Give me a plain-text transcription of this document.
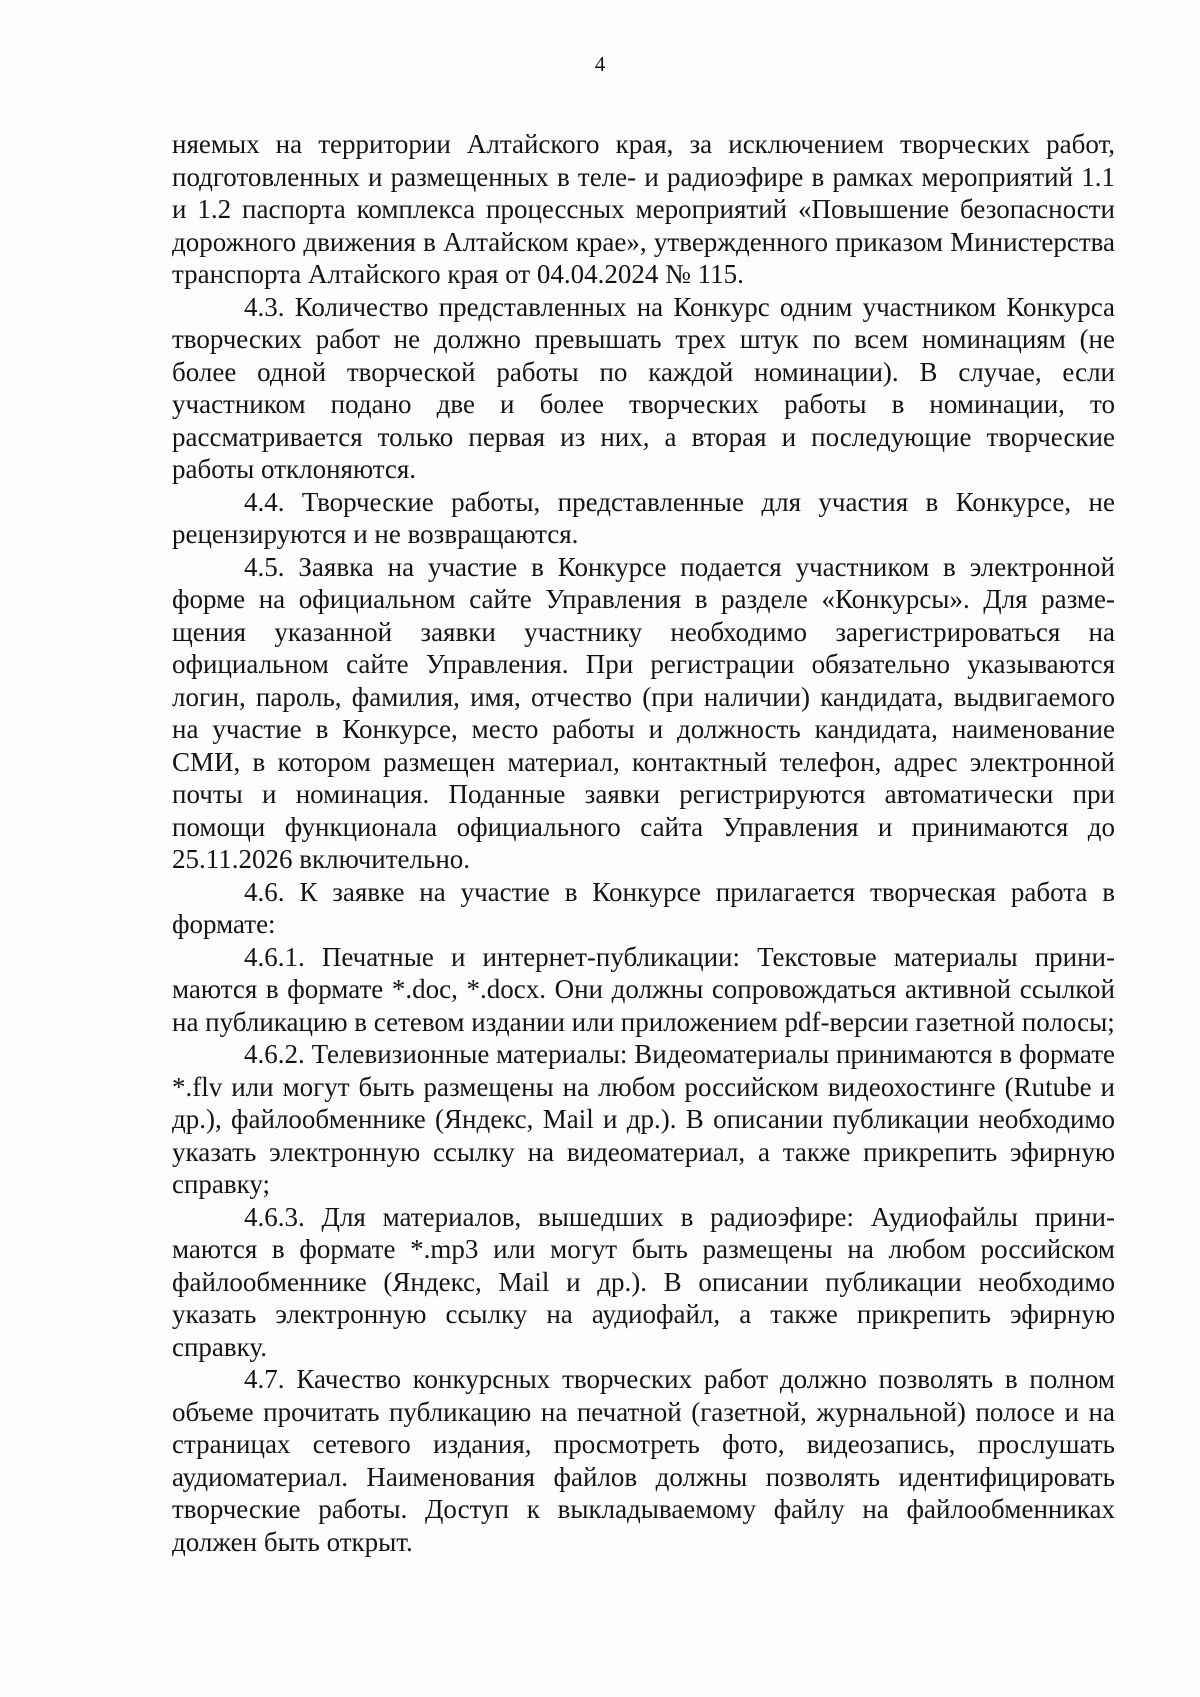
4

няемых на территории Алтайского края, за исключением творческих работ, подготовленных и размещенных в теле- и радиоэфире в рамках мероприятий 1.1 и 1.2 паспорта комплекса процессных мероприятий «Повышение безопасности дорожного движения в Алтайском крае», утвержденного приказом Министерства транспорта Алтайского края от 04.04.2024 № 115.

4.3. Количество представленных на Конкурс одним участником Конкурса творческих работ не должно превышать трех штук по всем номинациям (не более одной творческой работы по каждой номинации). В случае, если участником подано две и более творческих работы в номинации, то рассматривается только первая из них, а вторая и последующие творческие работы отклоняются.

4.4. Творческие работы, представленные для участия в Конкурсе, не рецензируются и не возвращаются.

4.5. Заявка на участие в Конкурсе подается участником в электронной форме на официальном сайте Управления в разделе «Конкурсы». Для размещения указанной заявки участнику необходимо зарегистрироваться на официальном сайте Управления. При регистрации обязательно указываются логин, пароль, фамилия, имя, отчество (при наличии) кандидата, выдвигаемого на участие в Конкурсе, место работы и должность кандидата, наименование СМИ, в котором размещен материал, контактный телефон, адрес электронной почты и номинация. Поданные заявки регистрируются автоматически при помощи функционала официального сайта Управления и принимаются до 25.11.2026 включительно.

4.6. К заявке на участие в Конкурсе прилагается творческая работа в формате:

4.6.1. Печатные и интернет-публикации: Текстовые материалы принимаются в формате *.doc, *.docx. Они должны сопровождаться активной ссылкой на публикацию в сетевом издании или приложением pdf-версии газетной полосы;

4.6.2. Телевизионные материалы: Видеоматериалы принимаются в формате *.flv или могут быть размещены на любом российском видеохостинге (Rutube и др.), файлообменнике (Яндекс, Mail и др.). В описании публикации необходимо указать электронную ссылку на видеоматериал, а также прикрепить эфирную справку;

4.6.3. Для материалов, вышедших в радиоэфире: Аудиофайлы принимаются в формате *.mp3 или могут быть размещены на любом российском файлообменнике (Яндекс, Mail и др.). В описании публикации необходимо указать электронную ссылку на аудиофайл, а также прикрепить эфирную справку.

4.7. Качество конкурсных творческих работ должно позволять в полном объеме прочитать публикацию на печатной (газетной, журнальной) полосе и на страницах сетевого издания, просмотреть фото, видеозапись, прослушать аудиоматериал. Наименования файлов должны позволять идентифицировать творческие работы. Доступ к выкладываемому файлу на файлообменниках должен быть открыт.
